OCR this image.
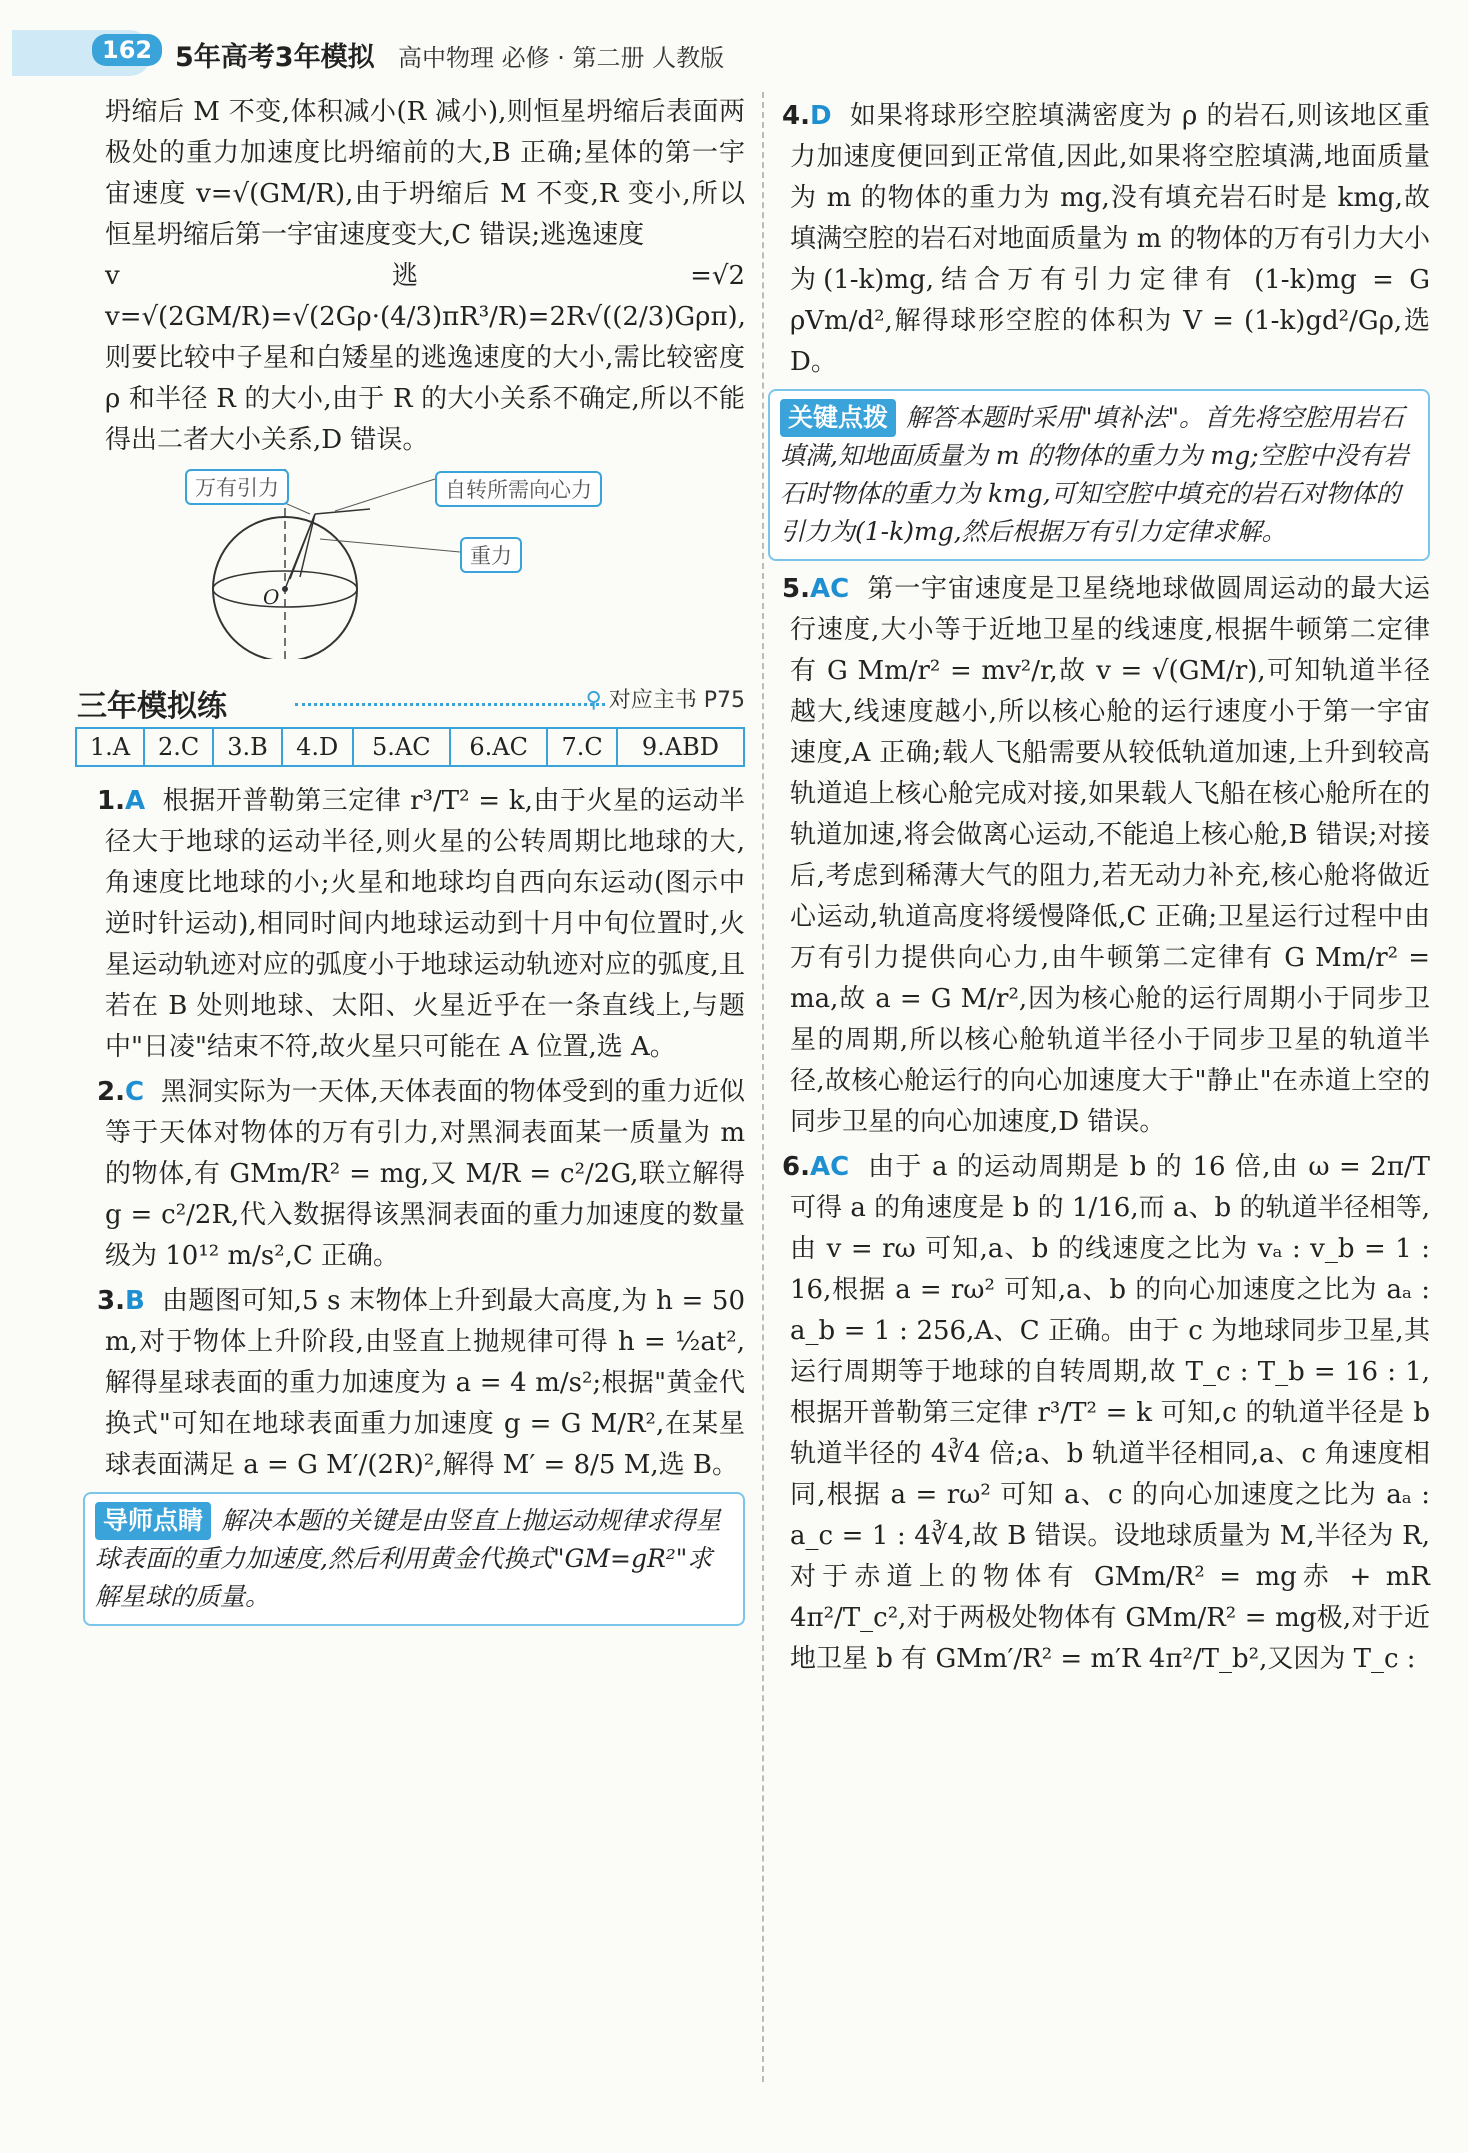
162 5年高考3年模拟 高中物理 必修 · 第二册 人教版

坍缩后 M 不变,体积减小(R 减小),则恒星坍缩后表面两极处的重力加速度比坍缩前的大,B 正确;星体的第一宇宙速度 v=√(GM/R),由于坍缩后 M 不变,R 变小,所以恒星坍缩后第一宇宙速度变大,C 错误;逃逸速度

v逃=√2 v=√(2GM/R)=√(2Gρ·(4/3)πR³/R)=2R√((2/3)Gρπ),则要比较中子星和白矮星的逃逸速度的大小,需比较密度 ρ 和半径 R 的大小,由于 R 的大小关系不确定,所以不能得出二者大小关系,D 错误。

万有引力	自转所需向心力
重力
O
三年模拟练	⚲ 对应主书 P75
1.A	2.C	3.B	4.D	5.AC	6.AC	7.C	9.ABD

1.A 根据开普勒第三定律 r³/T² = k,由于火星的运动半径大于地球的运动半径,则火星的公转周期比地球的大,角速度比地球的小;火星和地球均自西向东运动(图示中逆时针运动),相同时间内地球运动到十月中旬位置时,火星运动轨迹对应的弧度小于地球运动轨迹对应的弧度,且若在 B 处则地球、太阳、火星近乎在一条直线上,与题中"日凌"结束不符,故火星只可能在 A 位置,选 A。

2.C 黑洞实际为一天体,天体表面的物体受到的重力近似等于天体对物体的万有引力,对黑洞表面某一质量为 m 的物体,有 GMm/R² = mg,又 M/R = c²/2G,联立解得 g = c²/2R,代入数据得该黑洞表面的重力加速度的数量级为 10¹² m/s²,C 正确。

3.B 由题图可知,5 s 末物体上升到最大高度,为 h = 50 m,对于物体上升阶段,由竖直上抛规律可得 h = ½at²,解得星球表面的重力加速度为 a = 4 m/s²;根据"黄金代换式"可知在地球表面重力加速度 g = G M/R²,在某星球表面满足 a = G M′/(2R)²,解得 M′ = 8/5 M,选 B。

导师点睛 解决本题的关键是由竖直上抛运动规律求得星球表面的重力加速度,然后利用黄金代换式"GM=gR²"求解星球的质量。

4.D 如果将球形空腔填满密度为 ρ 的岩石,则该地区重力加速度便回到正常值,因此,如果将空腔填满,地面质量为 m 的物体的重力为 mg,没有填充岩石时是 kmg,故填满空腔的岩石对地面质量为 m 的物体的万有引力大小为(1-k)mg,结合万有引力定律有 (1-k)mg = G ρVm/d²,解得球形空腔的体积为 V = (1-k)gd²/Gρ,选 D。

关键点拨 解答本题时采用"填补法"。首先将空腔用岩石填满,知地面质量为 m 的物体的重力为 mg;空腔中没有岩石时物体的重力为 kmg,可知空腔中填充的岩石对物体的引力为(1-k)mg,然后根据万有引力定律求解。

5.AC 第一宇宙速度是卫星绕地球做圆周运动的最大运行速度,大小等于近地卫星的线速度,根据牛顿第二定律有 G Mm/r² = mv²/r,故 v = √(GM/r),可知轨道半径越大,线速度越小,所以核心舱的运行速度小于第一宇宙速度,A 正确;载人飞船需要从较低轨道加速,上升到较高轨道追上核心舱完成对接,如果载人飞船在核心舱所在的轨道加速,将会做离心运动,不能追上核心舱,B 错误;对接后,考虑到稀薄大气的阻力,若无动力补充,核心舱将做近心运动,轨道高度将缓慢降低,C 正确;卫星运行过程中由万有引力提供向心力,由牛顿第二定律有 G Mm/r² = ma,故 a = G M/r²,因为核心舱的运行周期小于同步卫星的周期,所以核心舱轨道半径小于同步卫星的轨道半径,故核心舱运行的向心加速度大于"静止"在赤道上空的同步卫星的向心加速度,D 错误。

6.AC 由于 a 的运动周期是 b 的 16 倍,由 ω = 2π/T 可得 a 的角速度是 b 的 1/16,而 a、b 的轨道半径相等,由 v = rω 可知,a、b 的线速度之比为 vₐ : v_b = 1 : 16,根据 a = rω² 可知,a、b 的向心加速度之比为 aₐ : a_b = 1 : 256,A、C 正确。由于 c 为地球同步卫星,其运行周期等于地球的自转周期,故 T_c : T_b = 16 : 1,根据开普勒第三定律 r³/T² = k 可知,c 的轨道半径是 b 轨道半径的 4∛4 倍;a、b 轨道半径相同,a、c 角速度相同,根据 a = rω² 可知 a、c 的向心加速度之比为 aₐ : a_c = 1 : 4∛4,故 B 错误。设地球质量为 M,半径为 R,对于赤道上的物体有 GMm/R² = mg赤 + mR 4π²/T_c²,对于两极处物体有 GMm/R² = mg极,对于近地卫星 b 有 GMm′/R² = m′R 4π²/T_b²,又因为 T_c :
